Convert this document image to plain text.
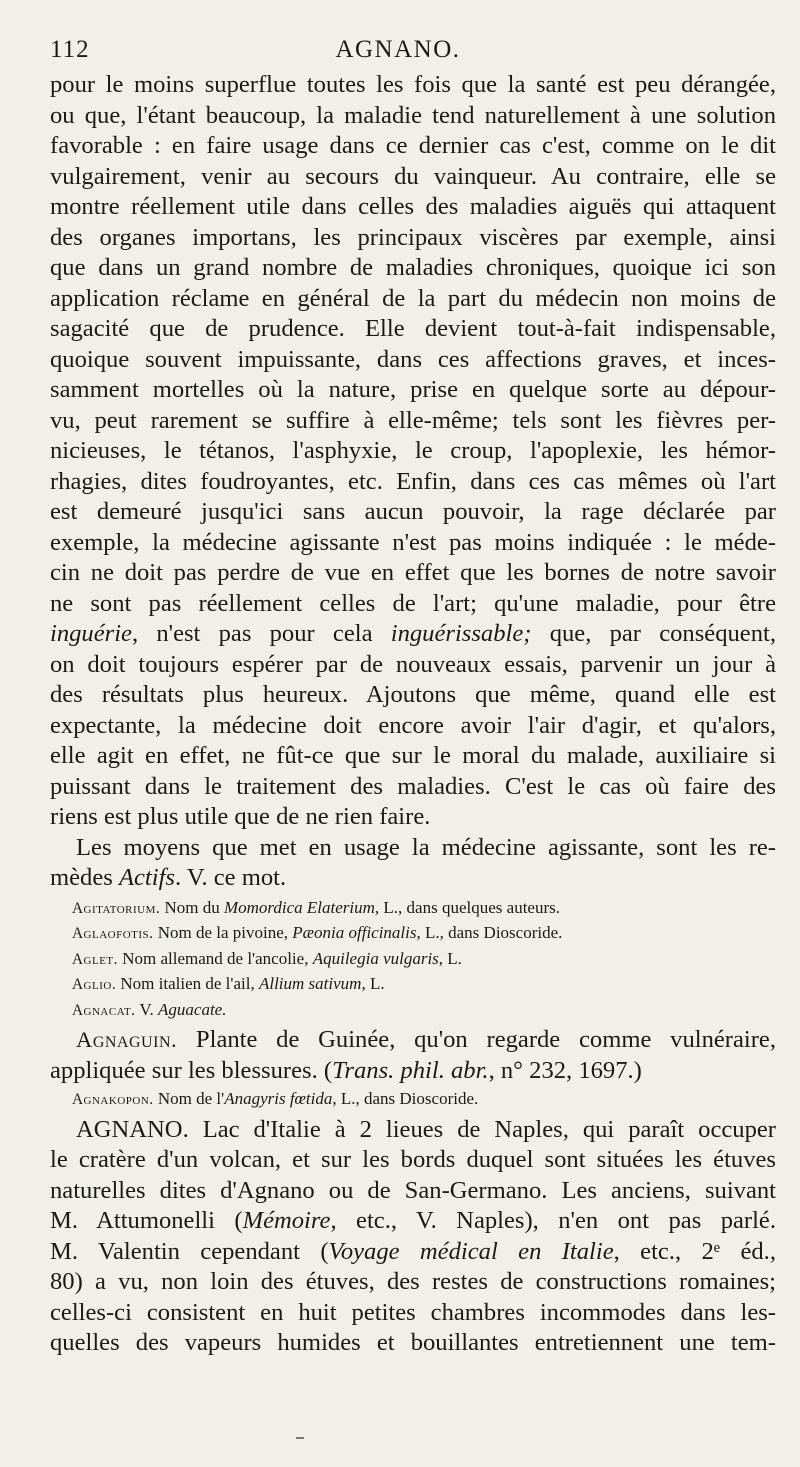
112	AGNANO.
pour le moins superflue toutes les fois que la santé est peu dérangée,
ou que, l'étant beaucoup, la maladie tend naturellement à une solution
favorable : en faire usage dans ce dernier cas c'est, comme on le dit
vulgairement, venir au secours du vainqueur. Au contraire, elle se
montre réellement utile dans celles des maladies aiguës qui attaquent
des organes importans, les principaux viscères par exemple, ainsi
que dans un grand nombre de maladies chroniques, quoique ici son
application réclame en général de la part du médecin non moins de
sagacité que de prudence. Elle devient tout-à-fait indispensable,
quoique souvent impuissante, dans ces affections graves, et inces-
samment mortelles où la nature, prise en quelque sorte au dépour-
vu, peut rarement se suffire à elle-même; tels sont les fièvres per-
nicieuses, le tétanos, l'asphyxie, le croup, l'apoplexie, les hémor-
rhagies, dites foudroyantes, etc. Enfin, dans ces cas mêmes où l'art
est demeuré jusqu'ici sans aucun pouvoir, la rage déclarée par
exemple, la médecine agissante n'est pas moins indiquée : le méde-
cin ne doit pas perdre de vue en effet que les bornes de notre savoir
ne sont pas réellement celles de l'art; qu'une maladie, pour être
inguérie, n'est pas pour cela inguérissable; que, par conséquent,
on doit toujours espérer par de nouveaux essais, parvenir un jour à
des résultats plus heureux. Ajoutons que même, quand elle est
expectante, la médecine doit encore avoir l'air d'agir, et qu'alors,
elle agit en effet, ne fût-ce que sur le moral du malade, auxiliaire si
puissant dans le traitement des maladies. C'est le cas où faire des
riens est plus utile que de ne rien faire.
Les moyens que met en usage la médecine agissante, sont les re-
mèdes Actifs. V. ce mot.
Agitatorium. Nom du Momordica Elaterium, L., dans quelques auteurs.
Aglaofotis. Nom de la pivoine, Pæonia officinalis, L., dans Dioscoride.
Aglet. Nom allemand de l'ancolie, Aquilegia vulgaris, L.
Aglio. Nom italien de l'ail, Allium sativum, L.
Agnacat. V. Aguacate.
Agnaguin. Plante de Guinée, qu'on regarde comme vulnéraire,
appliquée sur les blessures. (Trans. phil. abr., n° 232, 1697.)
Agnakopon. Nom de l'Anagyris fœtida, L., dans Dioscoride.
AGNANO. Lac d'Italie à 2 lieues de Naples, qui paraît occuper
le cratère d'un volcan, et sur les bords duquel sont situées les étuves
naturelles dites d'Agnano ou de San-Germano. Les anciens, suivant
M. Attumonelli (Mémoire, etc., V. Naples), n'en ont pas parlé.
M. Valentin cependant (Voyage médical en Italie, etc., 2ᵉ éd.,
80) a vu, non loin des étuves, des restes de constructions romaines;
celles-ci consistent en huit petites chambres incommodes dans les-
quelles des vapeurs humides et bouillantes entretiennent une tem-
